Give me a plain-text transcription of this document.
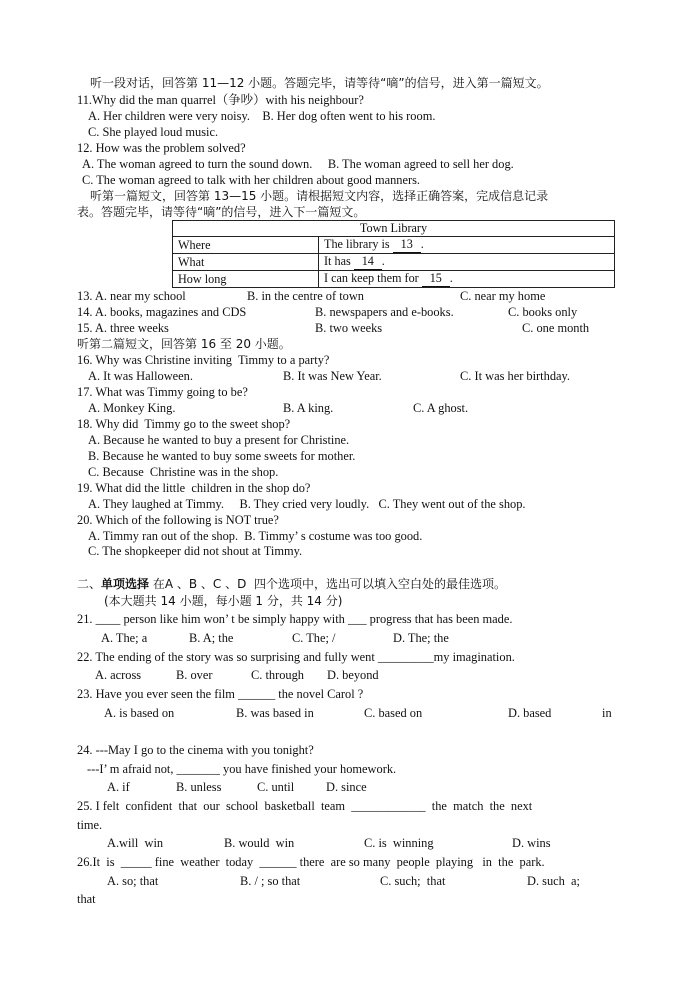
听一段对话，回答第 11—12 小题。答题完毕，请等待“嘀”的信号，进入第一篇短文。
11.Why did the man quarrel（争吵）with his neighbour?
A. Her children were very noisy.    B. Her dog often went to his room.
C. She played loud music.
12. How was the problem solved?
A. The woman agreed to turn the sound down.     B. The woman agreed to sell her dog.
C. The woman agreed to talk with her children about good manners.
听第一篇短文，回答第 13—15 小题。请根据短文内容，选择正确答案，完成信息记录
表。答题完毕，请等待“嘀”的信号，进入下一篇短文。
Town Library	
Where	The library is 13 .
What	It has 14 .
How long	I can keep them for 15 .
13. A. near my school	B. in the centre of town	C. near my home
14. A. books, magazines and CDS	B. newspapers and e-books.	C. books only
15. A. three weeks	B. two weeks	C. one month
听第二篇短文，回答第 16 至 20 小题。
16. Why was Christine inviting  Timmy to a party?
A. It was Halloween.	B. It was New Year.	C. It was her birthday.
17. What was Timmy going to be?
A. Monkey King.	B. A king.	C. A ghost.
18. Why did  Timmy go to the sweet shop?
A. Because he wanted to buy a present for Christine.
B. Because he wanted to buy some sweets for mother.
C. Because  Christine was in the shop.
19. What did the little  children in the shop do?
A. They laughed at Timmy.     B. They cried very loudly.   C. They went out of the shop.
20. Which of the following is NOT true?
A. Timmy ran out of the shop.  B. Timmy’ s costume was too good.
C. The shopkeeper did not shout at Timmy.
二、单项选择 在A 、B 、C 、D  四个选项中，选出可以填入空白处的最佳选项。
(本大题共 14 小题，每小题 1 分，共 14 分)
21. ____ person like him won’ t be simply happy with ___ progress that has been made.
A. The; a	B. A; the	C. The; /	D. The; the
22. The ending of the story was so surprising and fully went _________my imagination.
A. across	B. over	C. through D. beyond
23. Have you ever seen the film ______ the novel Carol ?
A. is based on	B. was based in	C. based on	D. based	in
24. ---May I go to the cinema with you tonight?
---I’ m afraid not, _______ you have finished your homework.
A. if	B. unless	C. until	D. since
25. I felt  confident  that  our  school  basketball  team  ____________  the  match  the  next
time.
A.will  win	B. would  win	C. is  winning	D. wins
26.It  is  _____ fine  weather  today  ______ there  are so many  people  playing   in  the  park.
A. so; that	B. / ; so that	C. such;  that	D. such  a;
that
